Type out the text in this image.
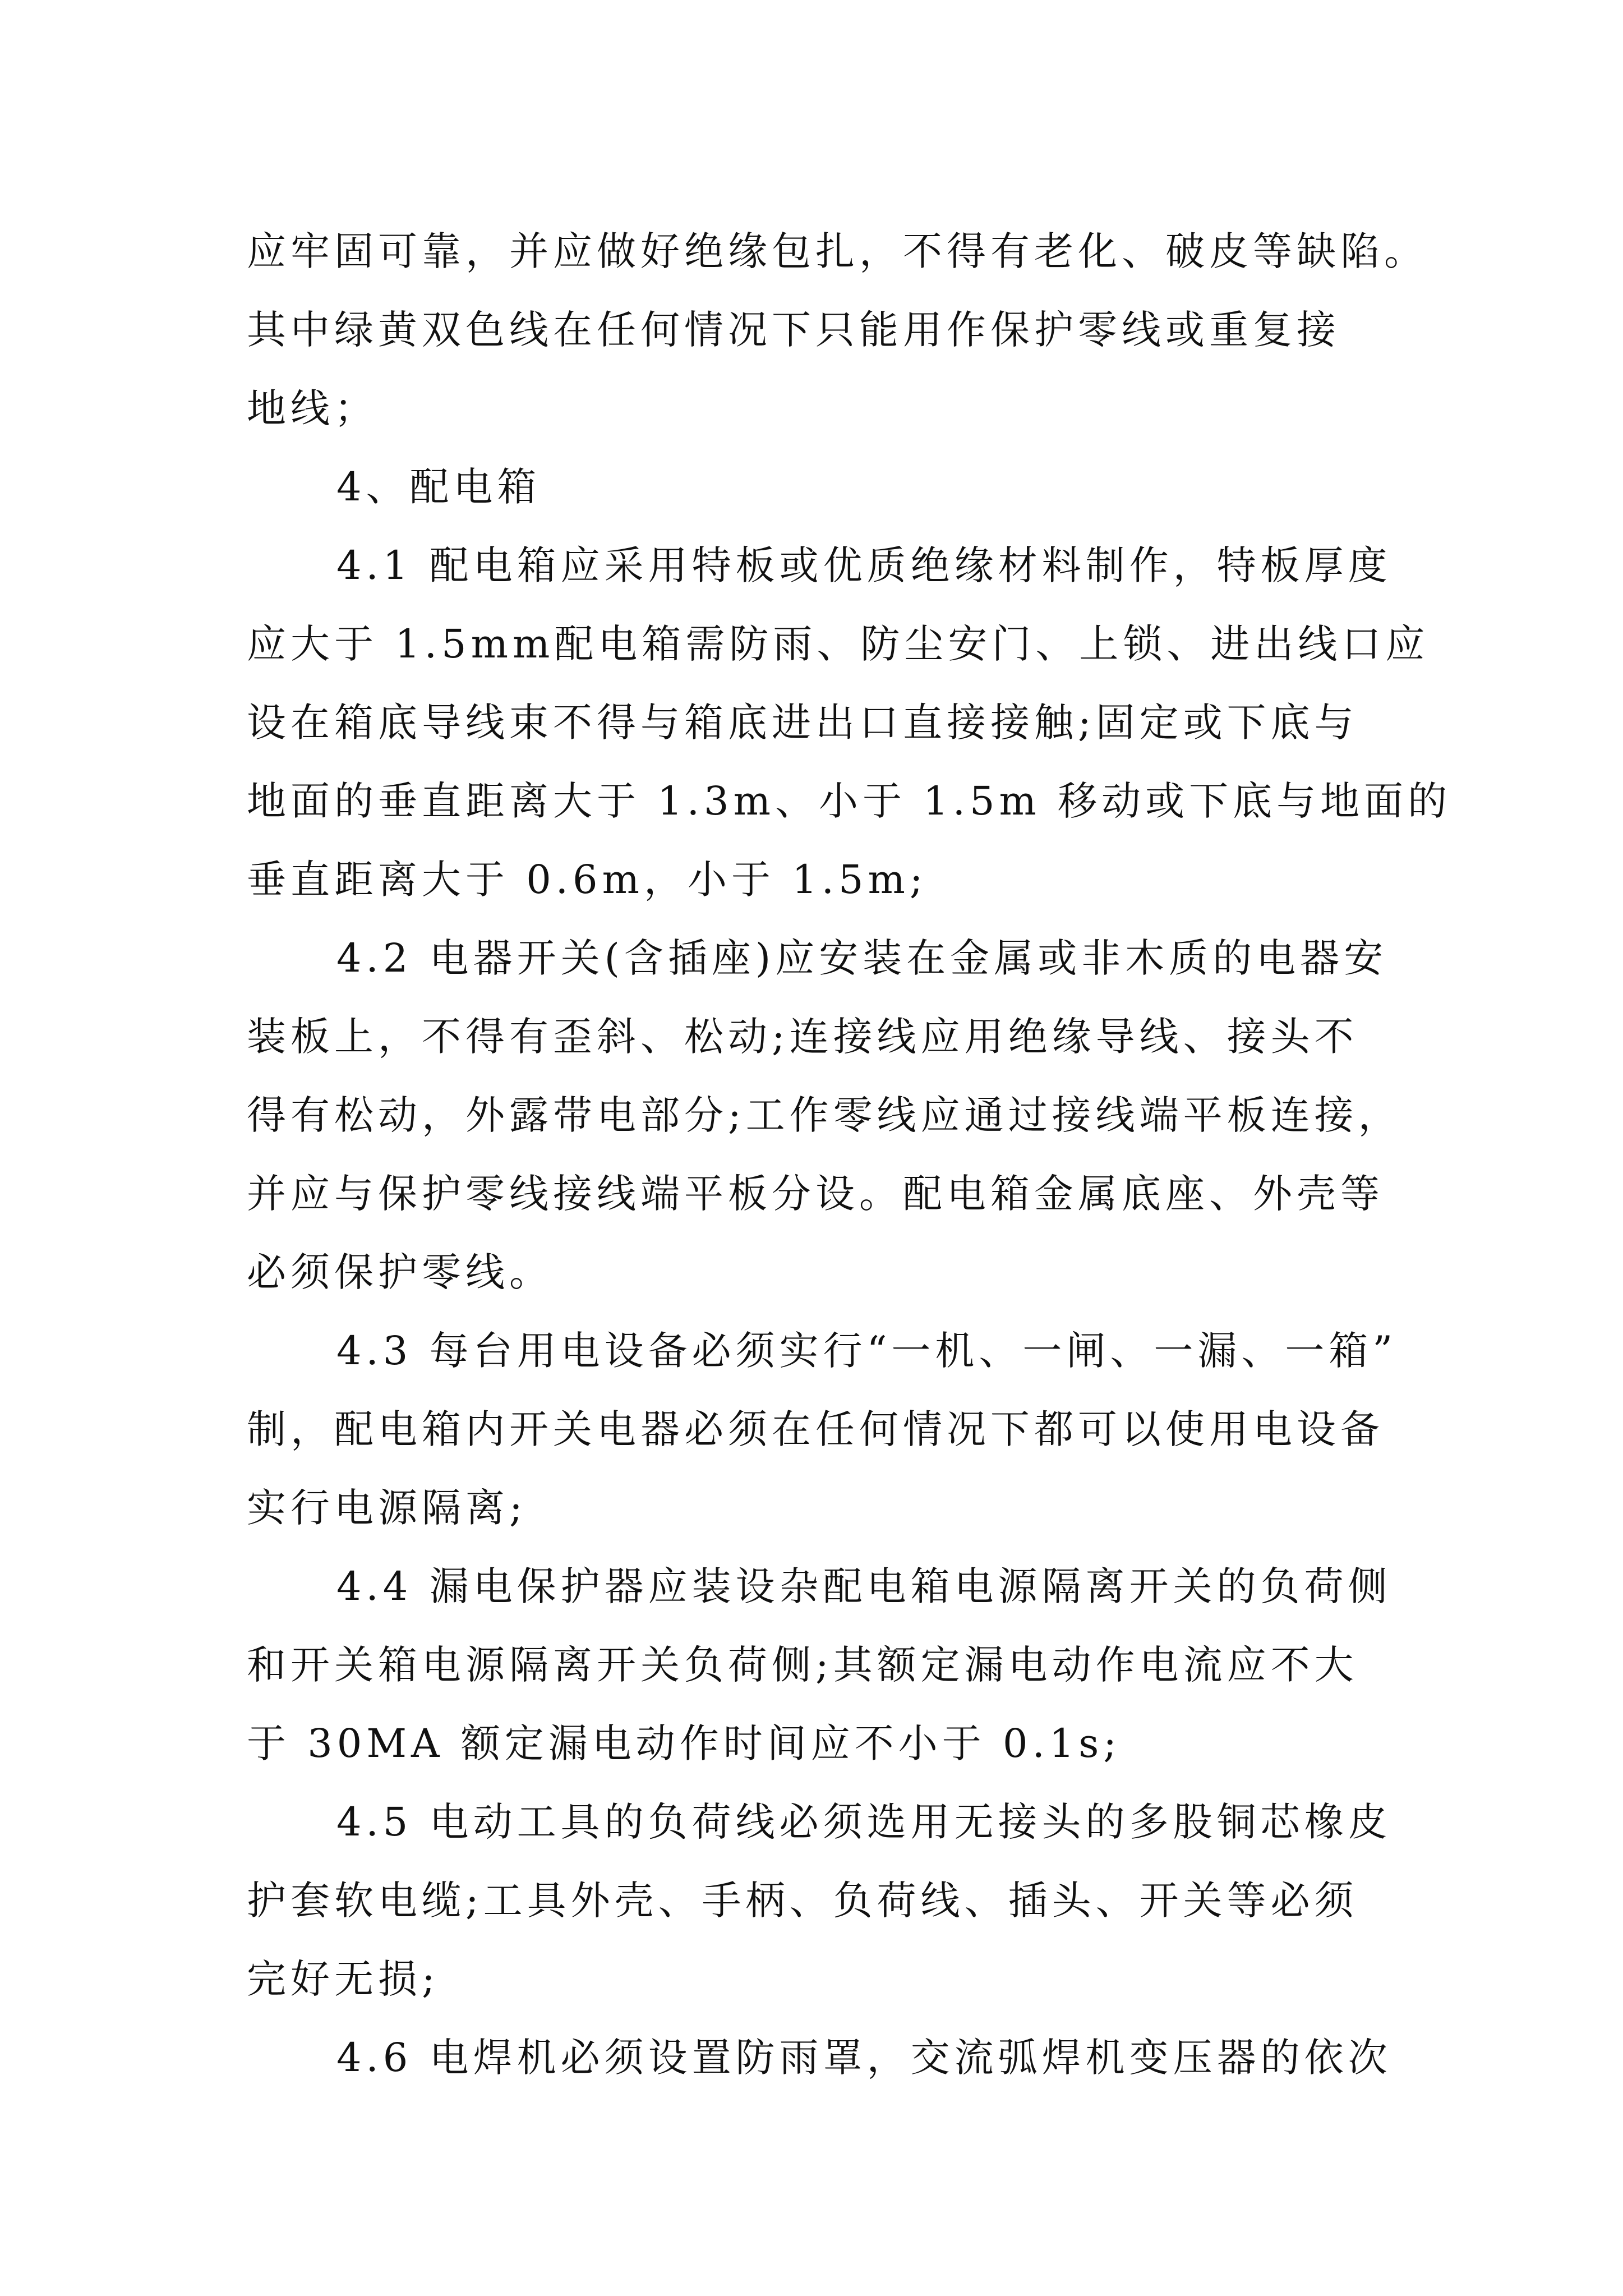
应牢固可靠，并应做好绝缘包扎，不得有老化、破皮等缺陷。
其中绿黄双色线在任何情况下只能用作保护零线或重复接
地线；
4、配电箱
4.1 配电箱应采用特板或优质绝缘材料制作，特板厚度
应大于 1.5mm配电箱需防雨、防尘安门、上锁、进出线口应
设在箱底导线束不得与箱底进出口直接接触;固定或下底与
地面的垂直距离大于 1.3m、小于 1.5m 移动或下底与地面的
垂直距离大于 0.6m，小于 1.5m;
4.2 电器开关(含插座)应安装在金属或非木质的电器安
装板上，不得有歪斜、松动;连接线应用绝缘导线、接头不
得有松动，外露带电部分;工作零线应通过接线端平板连接，
并应与保护零线接线端平板分设。配电箱金属底座、外壳等
必须保护零线。
4.3 每台用电设备必须实行“一机、一闸、一漏、一箱”
制，配电箱内开关电器必须在任何情况下都可以使用电设备
实行电源隔离;
4.4 漏电保护器应装设杂配电箱电源隔离开关的负荷侧
和开关箱电源隔离开关负荷侧;其额定漏电动作电流应不大
于 30MA 额定漏电动作时间应不小于 0.1s;
4.5 电动工具的负荷线必须选用无接头的多股铜芯橡皮
护套软电缆;工具外壳、手柄、负荷线、插头、开关等必须
完好无损;
4.6 电焊机必须设置防雨罩，交流弧焊机变压器的依次
